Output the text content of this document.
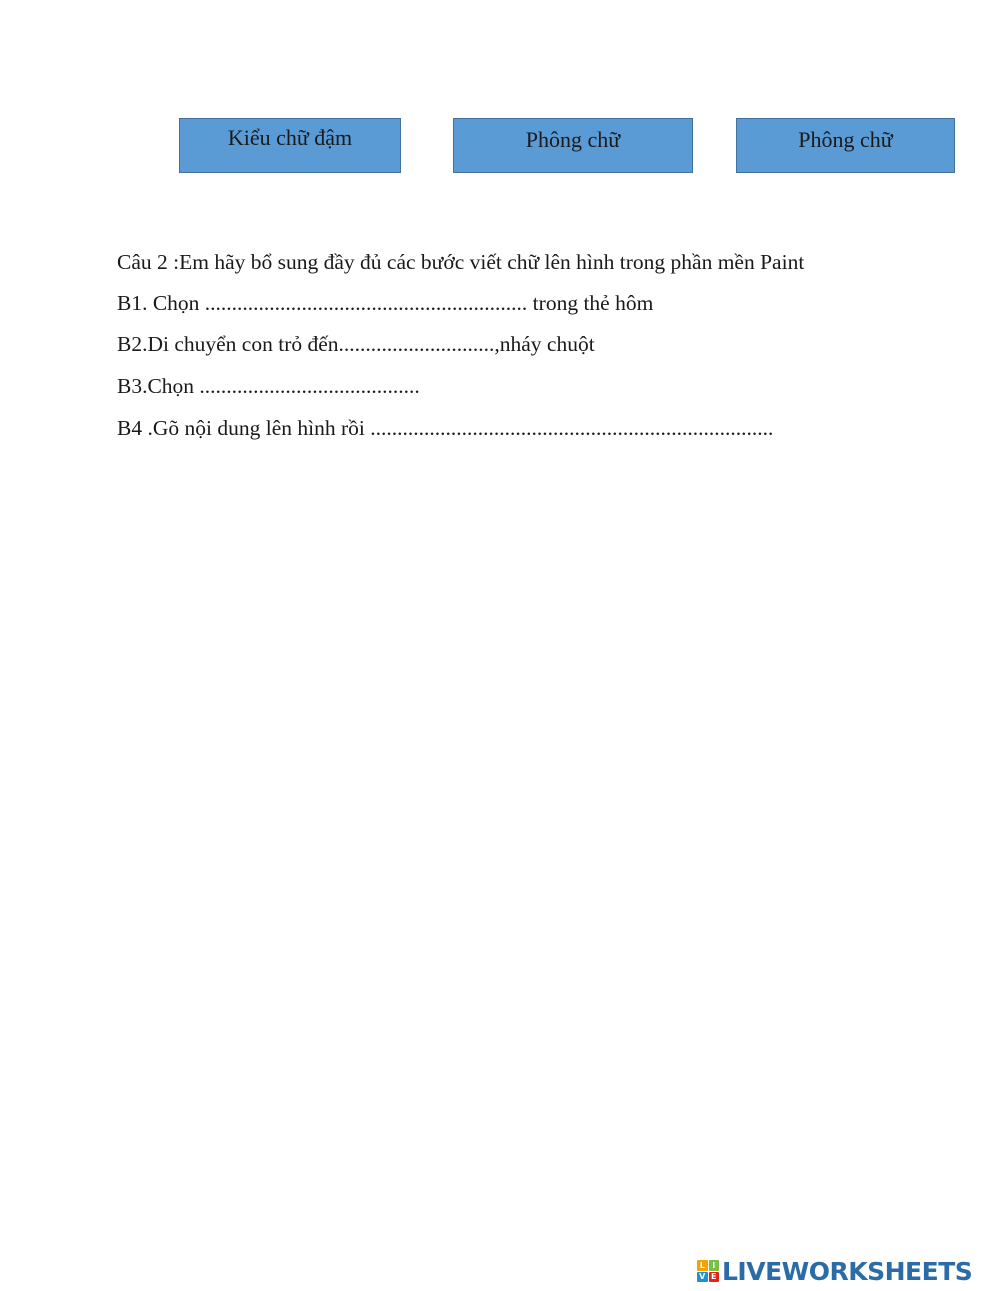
Kiểu chữ đậm	Phông chữ	Phông chữ
Câu 2 :Em hãy bổ sung đầy đủ các bước viết chữ lên hình trong phần mền Paint
B1. Chọn ............................................................ trong thẻ hôm
B2.Di chuyển con trỏ đến.............................,nháy chuột
B3.Chọn .........................................
B4 .Gõ nội dung lên hình rồi ...........................................................................
L I
V E LIVEWORKSHEETS
